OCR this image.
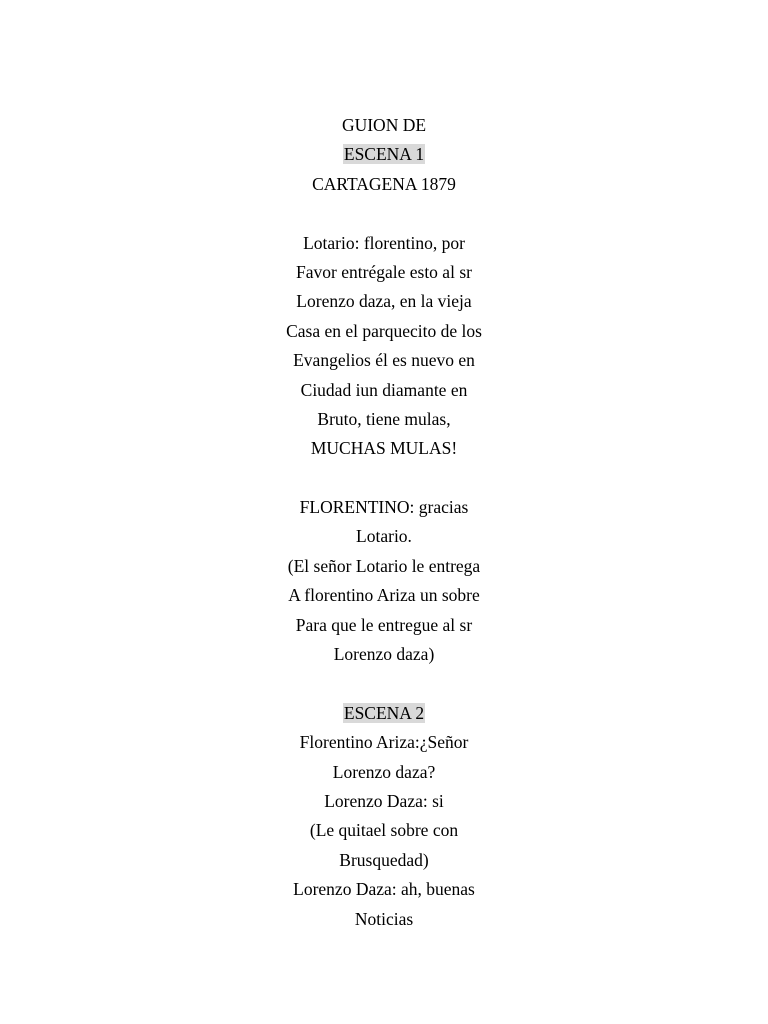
GUION DE
ESCENA 1
CARTAGENA 1879
Lotario: florentino, por
Favor entrégale esto al sr
Lorenzo daza, en la vieja
Casa en el parquecito de los
Evangelios él es nuevo en
Ciudad iun diamante en
Bruto, tiene mulas,
MUCHAS MULAS!
FLORENTINO: gracias
Lotario.
(El señor Lotario le entrega
A florentino Ariza un sobre
Para que le entregue al sr
Lorenzo daza)
ESCENA 2
Florentino Ariza:¿Señor
Lorenzo daza?
Lorenzo Daza: si
(Le quitael sobre con
Brusquedad)
Lorenzo Daza: ah, buenas
Noticias
